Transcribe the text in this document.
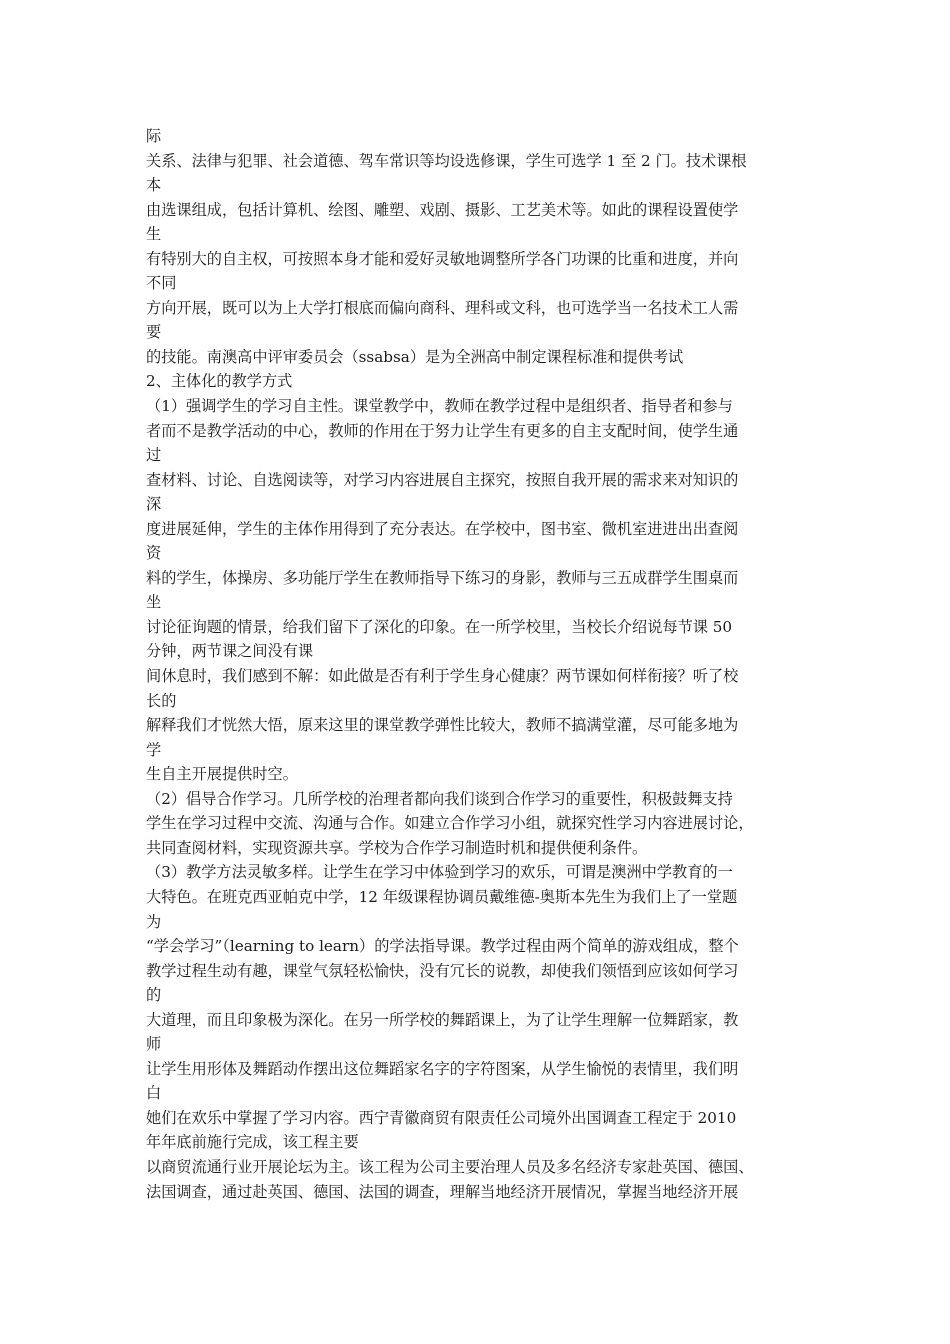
际
关系、法律与犯罪、社会道德、驾车常识等均设选修课，学生可选学 1 至 2 门。技术课根
本
由选课组成，包括计算机、绘图、雕塑、戏剧、摄影、工艺美术等。如此的课程设置使学
生
有特别大的自主权，可按照本身才能和爱好灵敏地调整所学各门功课的比重和进度，并向
不同
方向开展，既可以为上大学打根底而偏向商科、理科或文科，也可选学当一名技术工人需
要
的技能。南澳高中评审委员会（ssabsa）是为全洲高中制定课程标准和提供考试
2、主体化的教学方式
（1）强调学生的学习自主性。课堂教学中，教师在教学过程中是组织者、指导者和参与
者而不是教学活动的中心，教师的作用在于努力让学生有更多的自主支配时间，使学生通
过
查材料、讨论、自选阅读等，对学习内容进展自主探究，按照自我开展的需求来对知识的
深
度进展延伸，学生的主体作用得到了充分表达。在学校中，图书室、微机室进进出出查阅
资
料的学生，体操房、多功能厅学生在教师指导下练习的身影，教师与三五成群学生围桌而
坐
讨论征询题的情景，给我们留下了深化的印象。在一所学校里，当校长介绍说每节课 50
分钟，两节课之间没有课
间休息时，我们感到不解：如此做是否有利于学生身心健康？两节课如何样衔接？听了校
长的
解释我们才恍然大悟，原来这里的课堂教学弹性比较大，教师不搞满堂灌，尽可能多地为
学
生自主开展提供时空。
（2）倡导合作学习。几所学校的治理者都向我们谈到合作学习的重要性，积极鼓舞支持
学生在学习过程中交流、沟通与合作。如建立合作学习小组，就探究性学习内容进展讨论，
共同查阅材料，实现资源共享。学校为合作学习制造时机和提供便利条件。
（3）教学方法灵敏多样。让学生在学习中体验到学习的欢乐，可谓是澳洲中学教育的一
大特色。在班克西亚帕克中学，12 年级课程协调员戴维德-奥斯本先生为我们上了一堂题
为
“学会学习”（learning to learn）的学法指导课。教学过程由两个简单的游戏组成，整个
教学过程生动有趣，课堂气氛轻松愉快，没有冗长的说教，却使我们领悟到应该如何学习
的
大道理，而且印象极为深化。在另一所学校的舞蹈课上，为了让学生理解一位舞蹈家，教
师
让学生用形体及舞蹈动作摆出这位舞蹈家名字的字符图案，从学生愉悦的表情里，我们明
白
她们在欢乐中掌握了学习内容。西宁青徽商贸有限责任公司境外出国调查工程定于 2010
年年底前施行完成，该工程主要
以商贸流通行业开展论坛为主。该工程为公司主要治理人员及多名经济专家赴英国、德国、
法国调查，通过赴英国、德国、法国的调查，理解当地经济开展情况，掌握当地经济开展
